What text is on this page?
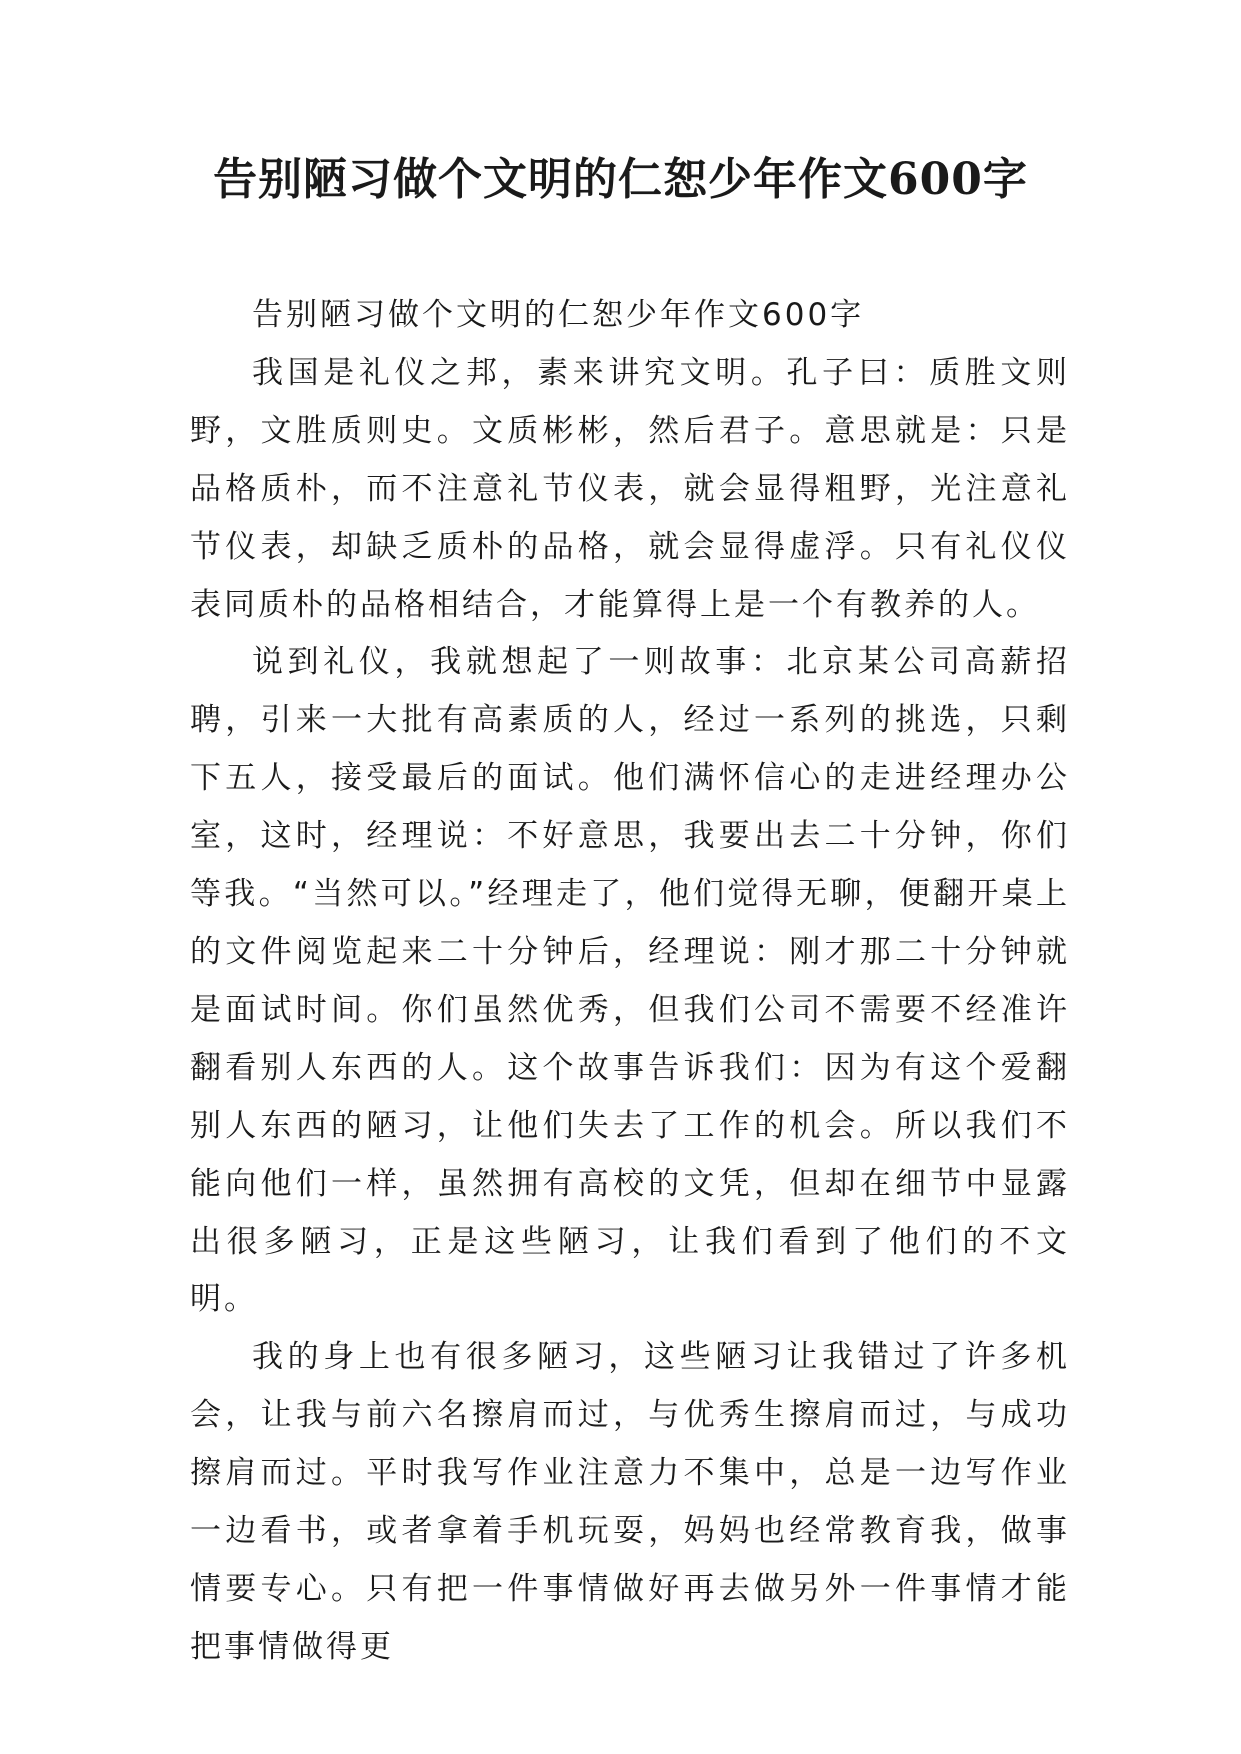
告别陋习做个文明的仁恕少年作文600字

告别陋习做个文明的仁恕少年作文600字

我国是礼仪之邦，素来讲究文明。孔子曰：质胜文则野，文胜质则史。文质彬彬，然后君子。意思就是：只是品格质朴，而不注意礼节仪表，就会显得粗野，光注意礼节仪表，却缺乏质朴的品格，就会显得虚浮。只有礼仪仪表同质朴的品格相结合，才能算得上是一个有教养的人。

说到礼仪，我就想起了一则故事：北京某公司高薪招聘，引来一大批有高素质的人，经过一系列的挑选，只剩下五人，接受最后的面试。他们满怀信心的走进经理办公室，这时，经理说：不好意思，我要出去二十分钟，你们等我。“当然可以。”经理走了，他们觉得无聊，便翻开桌上的文件阅览起来二十分钟后，经理说：刚才那二十分钟就是面试时间。你们虽然优秀，但我们公司不需要不经准许翻看别人东西的人。这个故事告诉我们：因为有这个爱翻别人东西的陋习，让他们失去了工作的机会。所以我们不能向他们一样，虽然拥有高校的文凭，但却在细节中显露出很多陋习，正是这些陋习，让我们看到了他们的不文明。

我的身上也有很多陋习，这些陋习让我错过了许多机会，让我与前六名擦肩而过，与优秀生擦肩而过，与成功擦肩而过。平时我写作业注意力不集中，总是一边写作业一边看书，或者拿着手机玩耍，妈妈也经常教育我，做事情要专心。只有把一件事情做好再去做另外一件事情才能把事情做得更
